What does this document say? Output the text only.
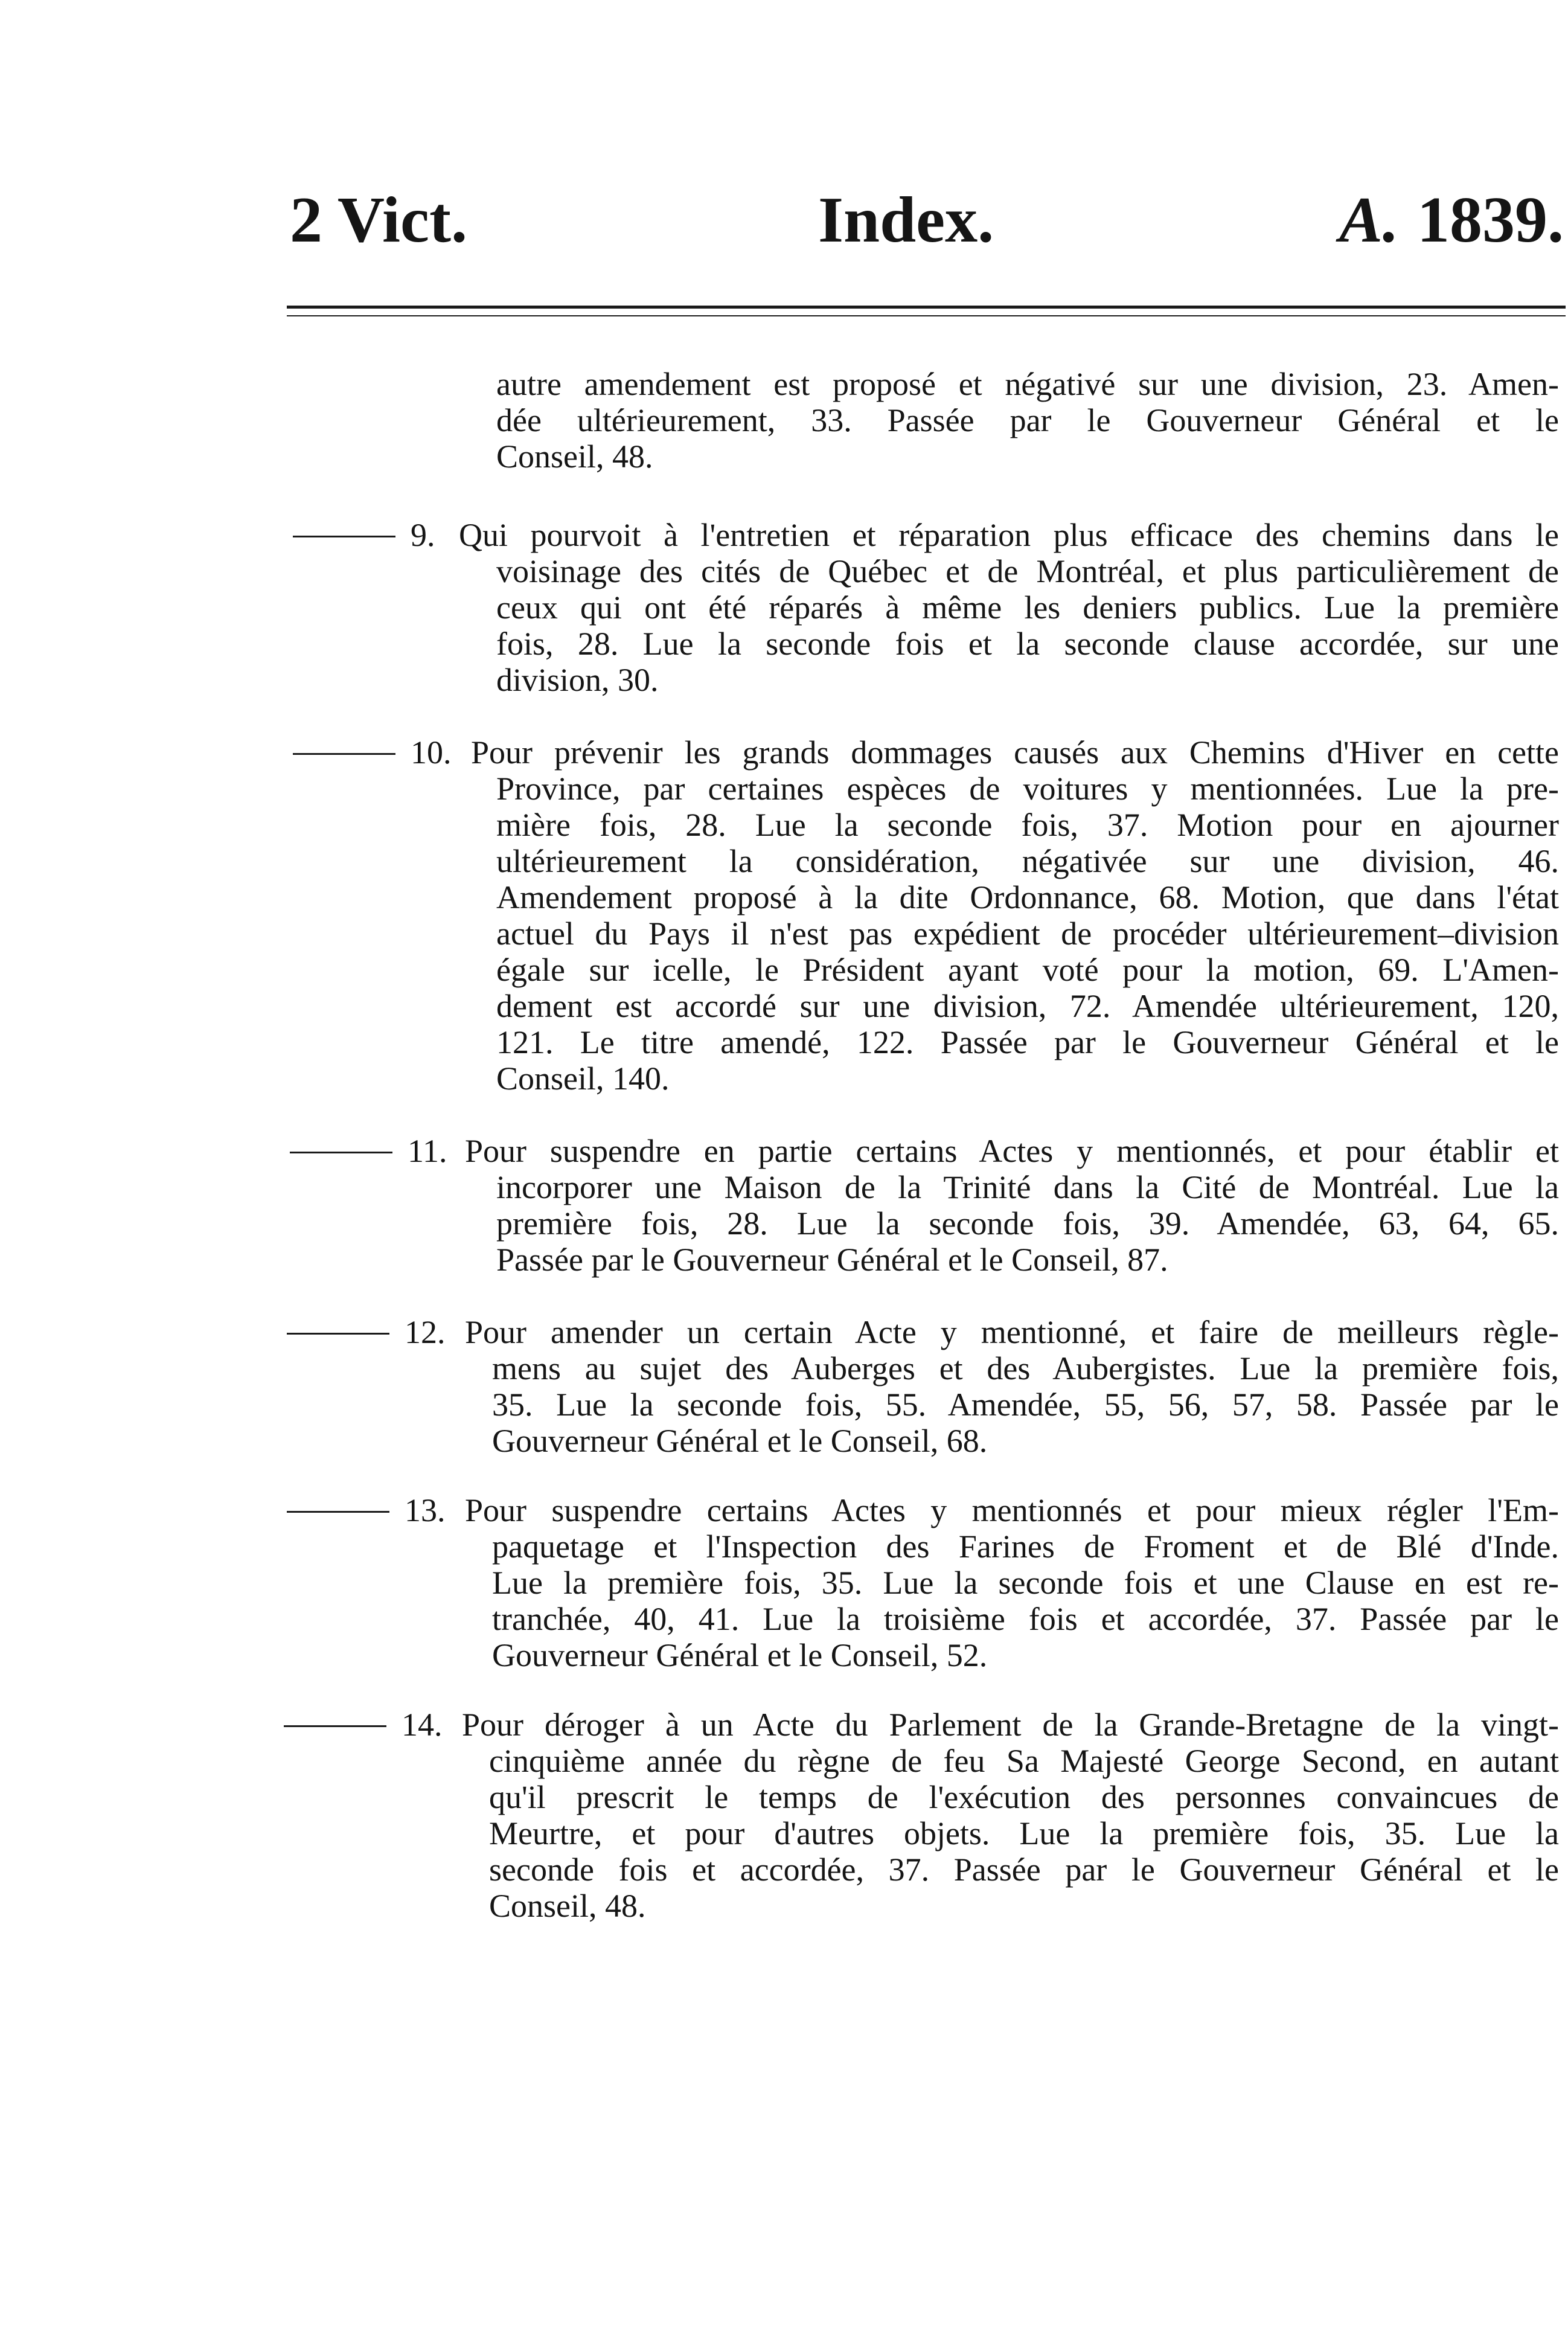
2 Vict.	Index.	A. 1839.
autre amendement est proposé et négativé sur une division, 23. Amen-
dée ultérieurement, 33. Passée par le Gouverneur Général et le
Conseil, 48.
9. Qui pourvoit à l'entretien et réparation plus efficace des chemins dans le
voisinage des cités de Québec et de Montréal, et plus particulièrement de
ceux qui ont été réparés à même les deniers publics. Lue la première
fois, 28. Lue la seconde fois et la seconde clause accordée, sur une
division, 30.
10. Pour prévenir les grands dommages causés aux Chemins d'Hiver en cette
Province, par certaines espèces de voitures y mentionnées. Lue la pre-
mière fois, 28. Lue la seconde fois, 37. Motion pour en ajourner
ultérieurement la considération, négativée sur une division, 46.
Amendement proposé à la dite Ordonnance, 68. Motion, que dans l'état
actuel du Pays il n'est pas expédient de procéder ultérieurement–division
égale sur icelle, le Président ayant voté pour la motion, 69. L'Amen-
dement est accordé sur une division, 72. Amendée ultérieurement, 120,
121. Le titre amendé, 122. Passée par le Gouverneur Général et le
Conseil, 140.
11. Pour suspendre en partie certains Actes y mentionnés, et pour établir et
incorporer une Maison de la Trinité dans la Cité de Montréal. Lue la
première fois, 28. Lue la seconde fois, 39. Amendée, 63, 64, 65.
Passée par le Gouverneur Général et le Conseil, 87.
12. Pour amender un certain Acte y mentionné, et faire de meilleurs règle-
mens au sujet des Auberges et des Aubergistes. Lue la première fois,
35. Lue la seconde fois, 55. Amendée, 55, 56, 57, 58. Passée par le
Gouverneur Général et le Conseil, 68.
13. Pour suspendre certains Actes y mentionnés et pour mieux régler l'Em-
paquetage et l'Inspection des Farines de Froment et de Blé d'Inde.
Lue la première fois, 35. Lue la seconde fois et une Clause en est re-
tranchée, 40, 41. Lue la troisième fois et accordée, 37. Passée par le
Gouverneur Général et le Conseil, 52.
14. Pour déroger à un Acte du Parlement de la Grande-Bretagne de la vingt-
cinquième année du règne de feu Sa Majesté George Second, en autant
qu'il prescrit le temps de l'exécution des personnes convaincues de
Meurtre, et pour d'autres objets. Lue la première fois, 35. Lue la
seconde fois et accordée, 37. Passée par le Gouverneur Général et le
Conseil, 48.
